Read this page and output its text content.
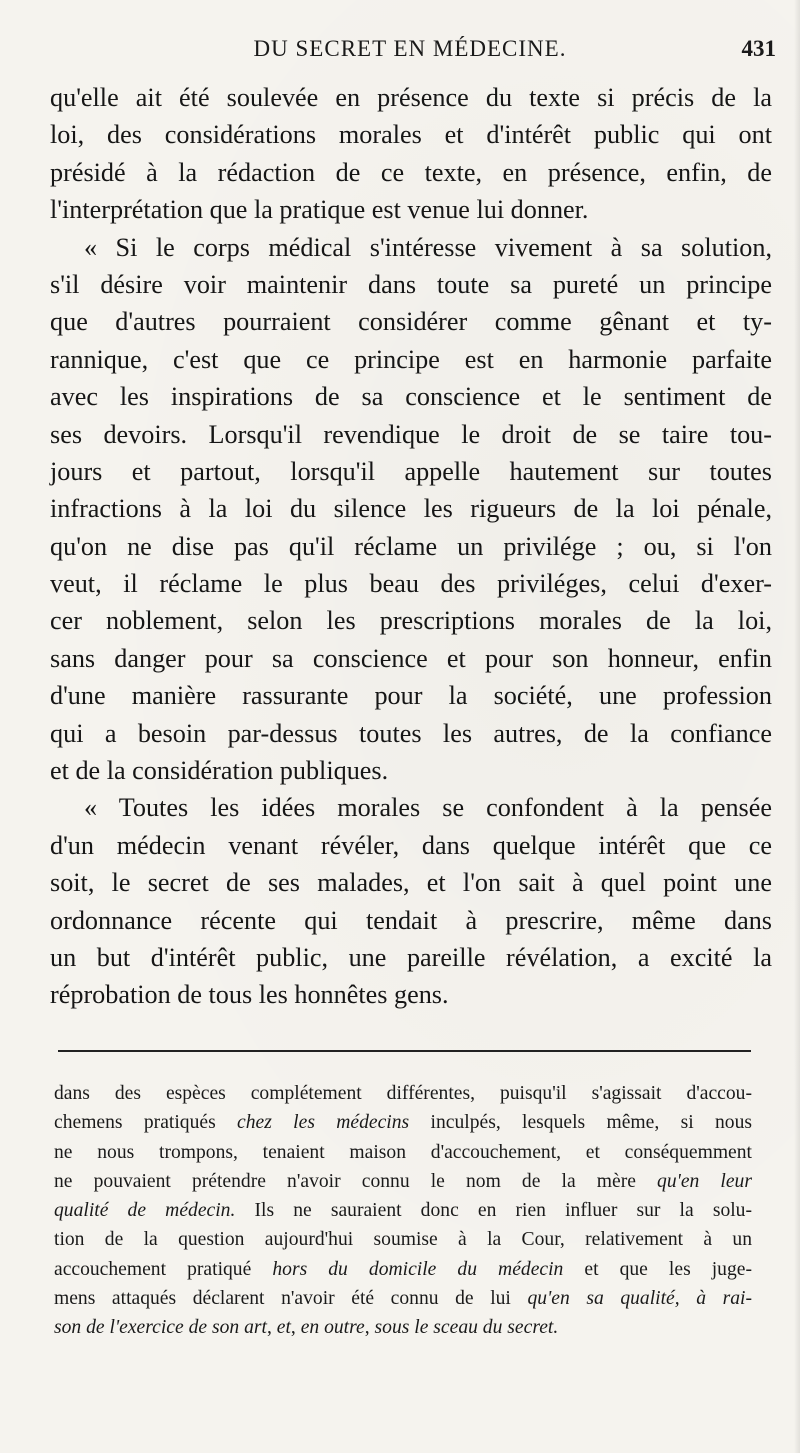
DU SECRET EN MÉDECINE.	431
qu'elle ait été soulevée en présence du texte si précis de la
loi, des considérations morales et d'intérêt public qui ont
présidé à la rédaction de ce texte, en présence, enfin, de
l'interprétation que la pratique est venue lui donner.
« Si le corps médical s'intéresse vivement à sa solution,
s'il désire voir maintenir dans toute sa pureté un principe
que d'autres pourraient considérer comme gênant et ty-
rannique, c'est que ce principe est en harmonie parfaite
avec les inspirations de sa conscience et le sentiment de
ses devoirs. Lorsqu'il revendique le droit de se taire tou-
jours et partout, lorsqu'il appelle hautement sur toutes
infractions à la loi du silence les rigueurs de la loi pénale,
qu'on ne dise pas qu'il réclame un privilége ; ou, si l'on
veut, il réclame le plus beau des priviléges, celui d'exer-
cer noblement, selon les prescriptions morales de la loi,
sans danger pour sa conscience et pour son honneur, enfin
d'une manière rassurante pour la société, une profession
qui a besoin par-dessus toutes les autres, de la confiance
et de la considération publiques.
« Toutes les idées morales se confondent à la pensée
d'un médecin venant révéler, dans quelque intérêt que ce
soit, le secret de ses malades, et l'on sait à quel point une
ordonnance récente qui tendait à prescrire, même dans
un but d'intérêt public, une pareille révélation, a excité la
réprobation de tous les honnêtes gens.
dans des espèces complétement différentes, puisqu'il s'agissait d'accou-
chemens pratiqués chez les médecins inculpés, lesquels même, si nous
ne nous trompons, tenaient maison d'accouchement, et conséquemment
ne pouvaient prétendre n'avoir connu le nom de la mère qu'en leur
qualité de médecin. Ils ne sauraient donc en rien influer sur la solu-
tion de la question aujourd'hui soumise à la Cour, relativement à un
accouchement pratiqué hors du domicile du médecin et que les juge-
mens attaqués déclarent n'avoir été connu de lui qu'en sa qualité, à rai-
son de l'exercice de son art, et, en outre, sous le sceau du secret.
